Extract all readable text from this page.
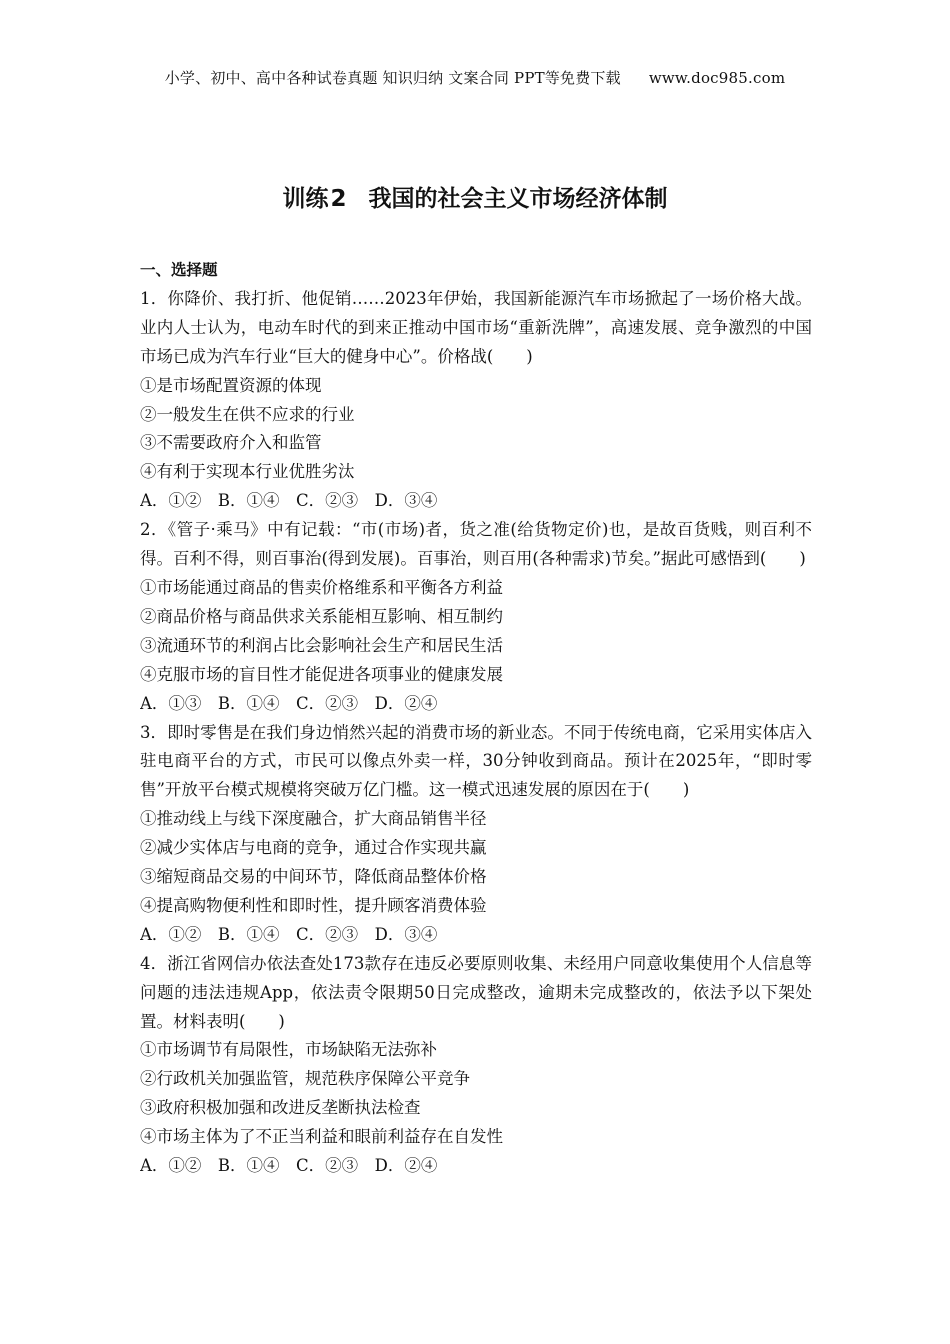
小学、初中、高中各种试卷真题 知识归纳 文案合同 PPT等免费下载 www.doc985.com
训练2 我国的社会主义市场经济体制
一、选择题
1．你降价、我打折、他促销……2023年伊始，我国新能源汽车市场掀起了一场价格大战。业内人士认为，电动车时代的到来正推动中国市场“重新洗牌”，高速发展、竞争激烈的中国市场已成为汽车行业“巨大的健身中心”。价格战(　　)
①是市场配置资源的体现
②一般发生在供不应求的行业
③不需要政府介入和监管
④有利于实现本行业优胜劣汰
A．①②　B．①④　C．②③　D．③④
2．《管子·乘马》中有记载：“市(市场)者，货之准(给货物定价)也，是故百货贱，则百利不得。百利不得，则百事治(得到发展)。百事治，则百用(各种需求)节矣。”据此可感悟到(　　)
①市场能通过商品的售卖价格维系和平衡各方利益
②商品价格与商品供求关系能相互影响、相互制约
③流通环节的利润占比会影响社会生产和居民生活
④克服市场的盲目性才能促进各项事业的健康发展
A．①③　B．①④　C．②③　D．②④
3．即时零售是在我们身边悄然兴起的消费市场的新业态。不同于传统电商，它采用实体店入驻电商平台的方式，市民可以像点外卖一样，30分钟收到商品。预计在2025年，“即时零售”开放平台模式规模将突破万亿门槛。这一模式迅速发展的原因在于(　　)
①推动线上与线下深度融合，扩大商品销售半径
②减少实体店与电商的竞争，通过合作实现共赢
③缩短商品交易的中间环节，降低商品整体价格
④提高购物便利性和即时性，提升顾客消费体验
A．①②　B．①④　C．②③　D．③④
4．浙江省网信办依法查处173款存在违反必要原则收集、未经用户同意收集使用个人信息等问题的违法违规App，依法责令限期50日完成整改，逾期未完成整改的，依法予以下架处置。材料表明(　　)
①市场调节有局限性，市场缺陷无法弥补
②行政机关加强监管，规范秩序保障公平竞争
③政府积极加强和改进反垄断执法检查
④市场主体为了不正当利益和眼前利益存在自发性
A．①②　B．①④　C．②③　D．②④
